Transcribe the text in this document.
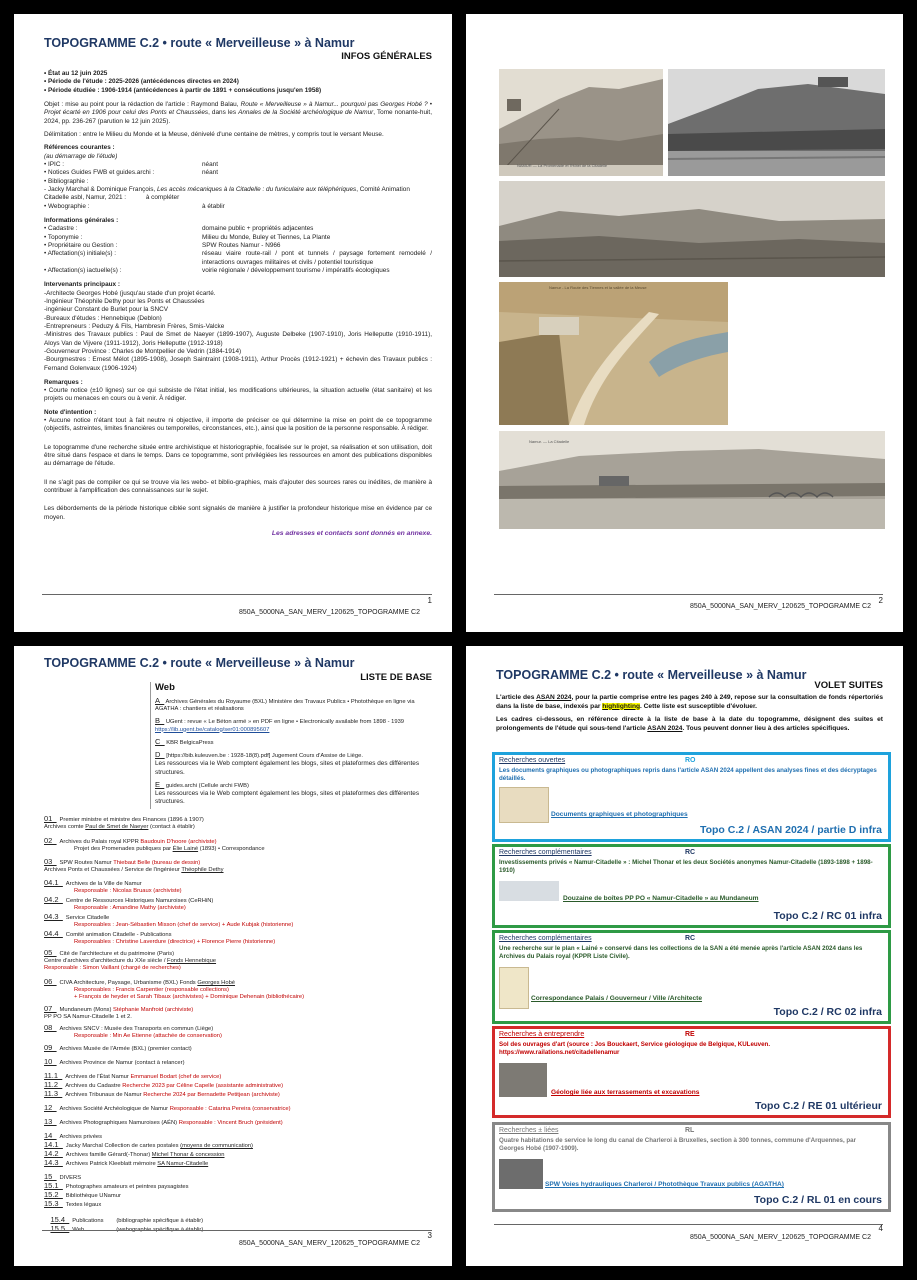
TOPOGRAMME C.2 • route « Merveilleuse » à Namur
INFOS GÉNÉRALES
• État au 12 juin 2025
• Période de l'étude : 2025-2026 (antécédences directes en 2024)
• Période étudiée : 1906-1914 (antécédences à partir de 1891 + consécutions jusqu'en 1958)

Objet : mise au point pour la rédaction de l'article : Raymond Balau, Route « Merveilleuse » à Namur... pourquoi pas Georges Hobé ? • Projet écarté en 1906 pour celui des Ponts et Chaussées, dans les Annales de la Société archéologique de Namur, Tome nonante-huit, 2024, pp. 236-267 (parution le 12 juin 2025).

Délimitation : entre le Milieu du Monde et la Meuse, dénivelé d'une centaine de mètres, y compris tout le versant Meuse.

Références courantes :
(au démarrage de l'étude)
• IPIC :	néant
• Notices Guides FWB et guides.archi :	néant
• Bibliographie :
- Jacky Marchal & Dominique François, Les accès mécaniques à la Citadelle : du funiculaire aux téléphériques, Comité Animation Citadelle asbl, Namur, 2021 :	à compléter
• Webographie :	à établir
Informations générales :
• Cadastre :	domaine public + propriétés adjacentes
• Toponymie :	Milieu du Monde, Buley et Tiennes, La Plante
• Propriétaire ou Gestion :	SPW Routes Namur - N966
• Affectation(s) initiale(s) :	réseau viaire route-rail / pont et tunnels / paysage fortement remodelé / interactions ouvrages militaires et civils / potentiel touristique
• Affectation(s) iactuelle(s) :	voirie régionale / développement tourisme / impératifs écologiques
Intervenants principaux :
-Architecte Georges Hobé (jusqu'au stade d'un projet écarté.
-Ingénieur Théophile Dethy pour les Ponts et Chaussées
-ingénieur Constant de Burlet pour la SNCV
-Bureaux d'études : Hennebique (Deblon)
-Entrepreneurs : Peduzy & Fils, Hambresin Frères, Smis-Valcke
-Ministres des Travaux publics : Paul de Smet de Naeyer (1899-1907), Auguste Delbeke (1907-1910), Joris Helleputte (1910-1911), Aloys Van de Vijvere (1911-1912), Joris Helleputte (1912-1918)
-Gouverneur Province : Charles de Montpellier de Vedrin (1884-1914)
-Bourgmestres : Ernest Mélot (1895-1908), Joseph Saintraint (1908-1911), Arthur Procès (1912-1921) + échevin des Travaux publics : Fernand Golenvaux (1906-1924)
Remarques :

• Courte notice (±10 lignes) sur ce qui subsiste de l'état initial, les modifications ultérieures, la situation actuelle (état sanitaire) et les projets ou menaces en cours ou à venir. À rédiger.

Note d'intention :

• Aucune notice n'étant tout à fait neutre ni objective, il importe de préciser ce qui détermine la mise en point de ce topogramme (objectifs, astreintes, limites financières ou temporelles, circonstances, etc.), ainsi que la position de la personne responsable. À rédiger.

Le topogramme d'une recherche située entre archivistique et historiographie, focalisée sur le projet, sa réalisation et son utilisation, doit être situé dans l'espace et dans le temps. Dans ce topogramme, sont privilégiées les ressources en amont des publications disponibles au démarrage de l'étude.

Il ne s'agit pas de compiler ce qui se trouve via les webo- et biblio-graphies, mais d'ajouter des sources rares ou inédites, de manière à contribuer à l'amplification des connaissances sur le sujet.

Les débordements de la période historique ciblée sont signalés de manière à justifier la profondeur historique mise en évidence par ce moyen.

Les adresses et contacts sont donnés en annexe.
1
850A_5000NA_SAN_MERV_120625_TOPOGRAMME C2
NAMUR — La Promenade et l'Hôtel de la Citadelle
Namur - La Route des Tiennes et la vallée de la Meuse
Namur. — La Citadelle
2
850A_5000NA_SAN_MERV_120625_TOPOGRAMME C2
TOPOGRAMME C.2 • route « Merveilleuse » à Namur
LISTE DE BASE
Web
A_ Archives Générales du Royaume (BXL) Ministère des Travaux Publics • Photothèque en ligne via AGATHA : chantiers et réalisations
B_ UGent : revue « Le Béton armé » en PDF en ligne • Electronically available from 1898 - 1939
https://lib.ugent.be/catalog/ser01:000895607
C_ KBR BelgicaPress
D_ [https://bib.kuleuven.be : 1928-18(8).pdf] Jugement Cours d'Assise de Liège.
Les ressources via le Web comptent également les blogs, sites et plateformes des différentes structures.
E_ guides.archi (Cellule archi FWB)
Les ressources via le Web comptent également les blogs, sites et plateformes des différentes structures.
01_ Premier ministre et ministre des Finances (1896 à 1907)
Archives comte Paul de Smet de Naeyer (contact à établir)
02_ Archives du Palais royal KPPR Baudouin D'hoore (archiviste)
Projet des Promenades publiques par Élie Lainé (1893) • Correspondance
03_ SPW Routes Namur Thiebaut Belle (bureau de dessin)
Archives Ponts et Chaussées / Service de l'ingénieur Théophile Dethy
04.1_ Archives de la Ville de Namur
Responsable : Nicolas Bruaux (archiviste)
04.2_ Centre de Ressources Historiques Namuroises (CeRHiN)
Responsable : Amandine Mathy (archiviste)
04.3_ Service Citadelle
Responsables : Jean-Sébastien Misson (chef de service) + Aude Kubjak (historienne)
04.4_ Comité animation Citadelle - Publications
Responsables : Christine Laverdure (directrice) + Florence Pierre (historienne)
05_ Cité de l'architecture et du patrimoine (Paris)
Centre d'archives d'architecture du XXe siècle / Fonds Hennebique
Responsable : Simon Vaillant (chargé de recherches)
06_ CIVA Architecture, Paysage, Urbanisme (BXL) Fonds Georges Hobé
Responsables : Francis Carpentier (responsable collections)
+ François de heyder et Sarah Tibaux (archivistes) + Dominique Dehenain (bibliothécaire)
07_ Mundaneum (Mons) Stéphanie Manfroid (archiviste)
PP PO SA Namur-Citadelle 1 et 2.
08_ Archives SNCV : Musée des Transports en commun (Liège)
Responsable : Min Ae Etienne (attachée de conservation)
09_ Archives Musée de l'Armée (BXL) (premier contact)
10_ Archives Province de Namur (contact à relancer)
11.1_ Archives de l'État Namur Emmanuel Bodart (chef de service)
11.2_ Archives du Cadastre Recherche 2023 par Céline Capelle (assistante administrative)
11.3_ Archives Tribunaux de Namur Recherche 2024 par Bernadette Petitjean (archiviste)
12_ Archives Société Archéologique de Namur Responsable : Catarina Pereira (conservatrice)
13_ Archives Photographiques Namuroises (AÉN) Responsable : Vincent Bruch (président)
14_ Archives privées
14.1_ Jacky Marchal Collection de cartes postales (moyens de communication)
14.2_ Archives famille Gérard(-Thonar) Michel Thonar & concession
14.3_ Archives Patrick Kleeblatt mémoire SA Namur-Citadelle
15_ DIVERS
15.1_ Photographes amateurs et peintres paysagistes
15.2_ Bibliothèque UNamur
15.3_ Textes légaux

15.4_ Publications        (bibliographie spécifique à établir)

15.5_ Web                    (webographie spécifique à établir)

3
850A_5000NA_SAN_MERV_120625_TOPOGRAMME C2
TOPOGRAMME C.2 • route « Merveilleuse » à Namur
VOLET SUITES
L'article des ASAN 2024, pour la partie comprise entre les pages 240 à 249, repose sur la consultation de fonds répertoriés dans la liste de base, indexés par highlighting. Cette liste est susceptible d'évoluer.
Les cadres ci-dessous, en référence directe à la liste de base à la date du topogramme, désignent des suites et prolongements de l'étude qui sous-tend l'article ASAN 2024. Tous peuvent donner lieu à des articles spécifiques.
Recherches ouvertes	RO
Les documents graphiques ou photographiques repris dans l'article ASAN 2024 appellent des analyses fines et des décryptages détaillés.
Documents graphiques et photographiques
Topo C.2 / ASAN 2024 / partie D infra
Recherches complémentaires	RC
Investissements privés « Namur-Citadelle » : Michel Thonar et les deux Sociétés anonymes Namur-Citadelle (1893-1898 + 1898-1910)
Douzaine de boîtes PP PO « Namur-Citadelle » au Mundaneum
Topo C.2 / RC 01 infra
Recherches complémentaires	RC
Une recherche sur le plan « Lainé » conservé dans les collections de la SAN a été menée après l'article ASAN 2024 dans les Archives du Palais royal (KPPR Liste Civile).
Correspondance Palais / Gouverneur / Ville /Architecte
Topo C.2 / RC 02 infra
Recherches à entreprendre	RE
Sol des ouvrages d'art (source : Jos Bouckaert, Service géologique de Belgique, KULeuven. https://www.railations.net/citadellenamur
Géologie liée aux terrassements et excavations
Topo C.2 / RE 01 ultérieur
Recherches ± liées	RL
Quatre habitations de service le long du canal de Charleroi à Bruxelles, section à 300 tonnes, commune d'Arquennes, par Georges Hobé (1907-1909).
SPW Voies hydrauliques Charleroi / Photothèque Travaux publics (AGATHA)
Topo C.2 / RL 01 en cours
4
850A_5000NA_SAN_MERV_120625_TOPOGRAMME C2
